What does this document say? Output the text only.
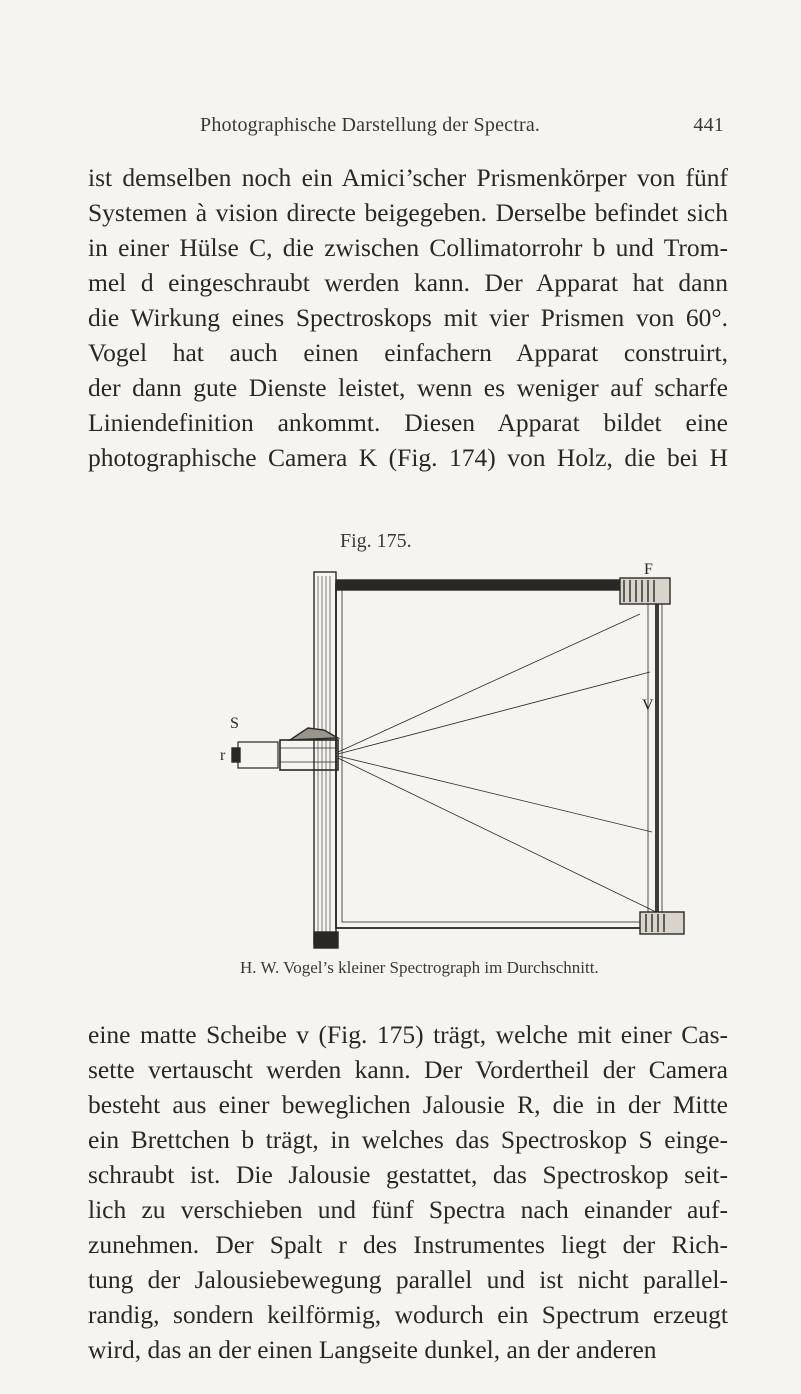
Photographische Darstellung der Spectra.	441
ist demselben noch ein Amici’scher Prismenkörper von fünf
Systemen à vision directe beigegeben. Derselbe befindet sich
in einer Hülse C, die zwischen Collimatorrohr b und Trom-
mel d eingeschraubt werden kann. Der Apparat hat dann
die Wirkung eines Spectroskops mit vier Prismen von 60°.
Vogel hat auch einen einfachern Apparat construirt,
der dann gute Dienste leistet, wenn es weniger auf scharfe
Liniendefinition ankommt. Diesen Apparat bildet eine
photographische Camera K (Fig. 174) von Holz, die bei H
Fig. 175.
F
S
V
r
H. W. Vogel’s kleiner Spectrograph im Durchschnitt.
eine matte Scheibe v (Fig. 175) trägt, welche mit einer Cas-
sette vertauscht werden kann. Der Vordertheil der Camera
besteht aus einer beweglichen Jalousie R, die in der Mitte
ein Brettchen b trägt, in welches das Spectroskop S einge-
schraubt ist. Die Jalousie gestattet, das Spectroskop seit-
lich zu verschieben und fünf Spectra nach einander auf-
zunehmen. Der Spalt r des Instrumentes liegt der Rich-
tung der Jalousiebewegung parallel und ist nicht parallel-
randig, sondern keilförmig, wodurch ein Spectrum erzeugt
wird, das an der einen Langseite dunkel, an der anderen
